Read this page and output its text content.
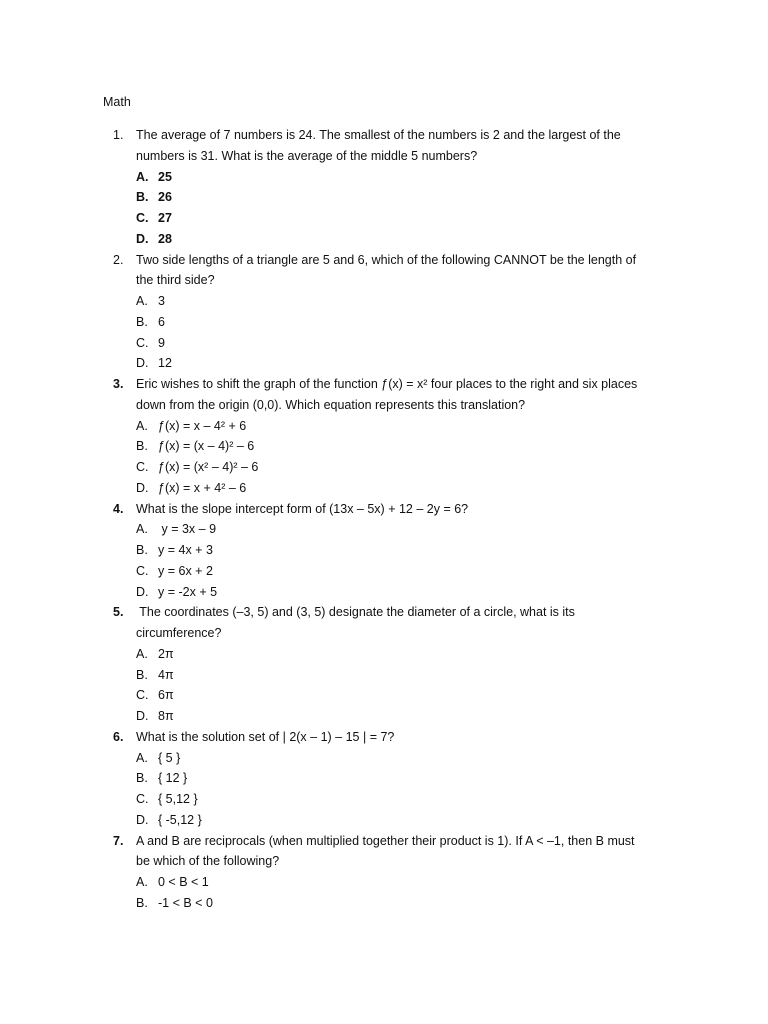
Math
1. The average of 7 numbers is 24. The smallest of the numbers is 2 and the largest of the
numbers is 31. What is the average of the middle 5 numbers?
A. 25
B. 26
C. 27
D. 28
2. Two side lengths of a triangle are 5 and 6, which of the following CANNOT be the length of
the third side?
A. 3
B. 6
C. 9
D. 12
3. Eric wishes to shift the graph of the function ƒ(x) = x² four places to the right and six places
down from the origin (0,0). Which equation represents this translation?
A. ƒ(x) = x – 4² + 6
B. ƒ(x) = (x – 4)² – 6
C. ƒ(x) = (x² – 4)² – 6
D. ƒ(x) = x + 4² – 6
4. What is the slope intercept form of (13x – 5x) + 12 – 2y = 6?
A. y = 3x – 9
B. y = 4x + 3
C. y = 6x + 2
D. y = -2x + 5
5. The coordinates (–3, 5) and (3, 5) designate the diameter of a circle, what is its
circumference?
A. 2π
B. 4π
C. 6π
D. 8π
6. What is the solution set of | 2(x – 1) – 15 | = 7?
A. { 5 }
B. { 12 }
C. { 5,12 }
D. { -5,12 }
7. A and B are reciprocals (when multiplied together their product is 1). If A < –1, then B must
be which of the following?
A. 0 < B < 1
B. -1 < B < 0
